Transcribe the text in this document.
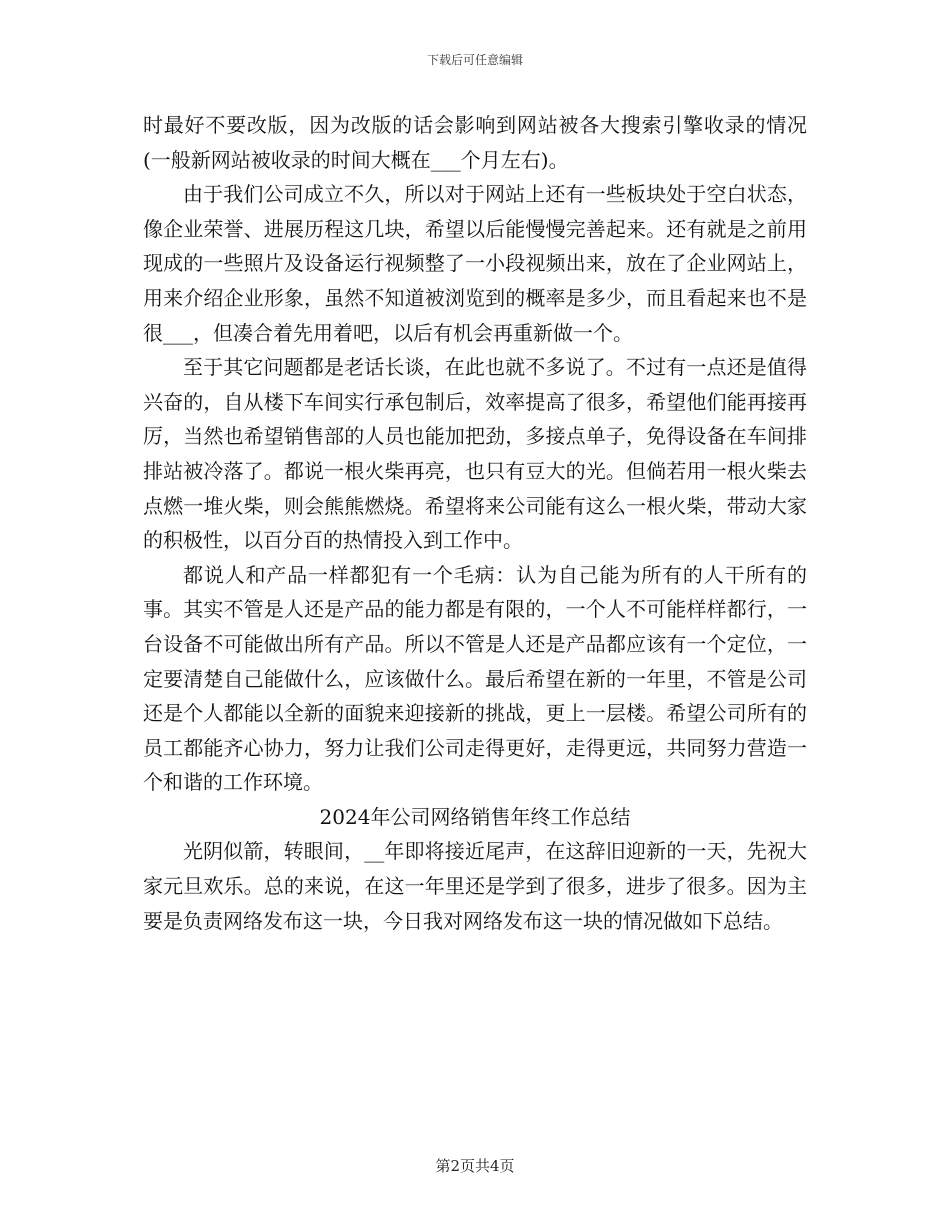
下载后可任意编辑

时最好不要改版，因为改版的话会影响到网站被各大搜索引擎收录的情况(一般新网站被收录的时间大概在___个月左右)。

由于我们公司成立不久，所以对于网站上还有一些板块处于空白状态，像企业荣誉、进展历程这几块，希望以后能慢慢完善起来。还有就是之前用现成的一些照片及设备运行视频整了一小段视频出来，放在了企业网站上，用来介绍企业形象，虽然不知道被浏览到的概率是多少，而且看起来也不是很___，但凑合着先用着吧，以后有机会再重新做一个。

至于其它问题都是老话长谈，在此也就不多说了。不过有一点还是值得兴奋的，自从楼下车间实行承包制后，效率提高了很多，希望他们能再接再厉，当然也希望销售部的人员也能加把劲，多接点单子，免得设备在车间排排站被冷落了。都说一根火柴再亮，也只有豆大的光。但倘若用一根火柴去点燃一堆火柴，则会熊熊燃烧。希望将来公司能有这么一根火柴，带动大家的积极性，以百分百的热情投入到工作中。

都说人和产品一样都犯有一个毛病：认为自己能为所有的人干所有的事。其实不管是人还是产品的能力都是有限的，一个人不可能样样都行，一台设备不可能做出所有产品。所以不管是人还是产品都应该有一个定位，一定要清楚自己能做什么，应该做什么。最后希望在新的一年里，不管是公司还是个人都能以全新的面貌来迎接新的挑战，更上一层楼。希望公司所有的员工都能齐心协力，努力让我们公司走得更好，走得更远，共同努力营造一个和谐的工作环境。

2024年公司网络销售年终工作总结

光阴似箭，转眼间，__年即将接近尾声，在这辞旧迎新的一天，先祝大家元旦欢乐。总的来说，在这一年里还是学到了很多，进步了很多。因为主要是负责网络发布这一块，今日我对网络发布这一块的情况做如下总结。

第2页共4页
